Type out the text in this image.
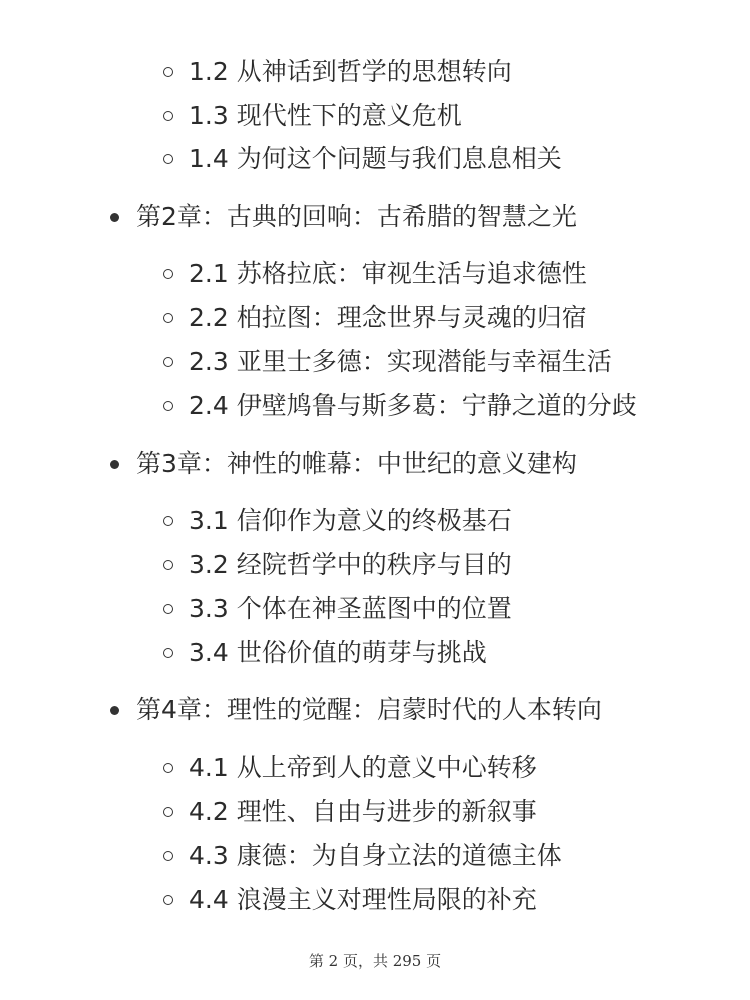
1.2 从神话到哲学的思想转向
1.3 现代性下的意义危机
1.4 为何这个问题与我们息息相关
第2章：古典的回响：古希腊的智慧之光
2.1 苏格拉底：审视生活与追求德性
2.2 柏拉图：理念世界与灵魂的归宿
2.3 亚里士多德：实现潜能与幸福生活
2.4 伊壁鸠鲁与斯多葛：宁静之道的分歧
第3章：神性的帷幕：中世纪的意义建构
3.1 信仰作为意义的终极基石
3.2 经院哲学中的秩序与目的
3.3 个体在神圣蓝图中的位置
3.4 世俗价值的萌芽与挑战
第4章：理性的觉醒：启蒙时代的人本转向
4.1 从上帝到人的意义中心转移
4.2 理性、自由与进步的新叙事
4.3 康德：为自身立法的道德主体
4.4 浪漫主义对理性局限的补充
第 2 页，共 295 页
